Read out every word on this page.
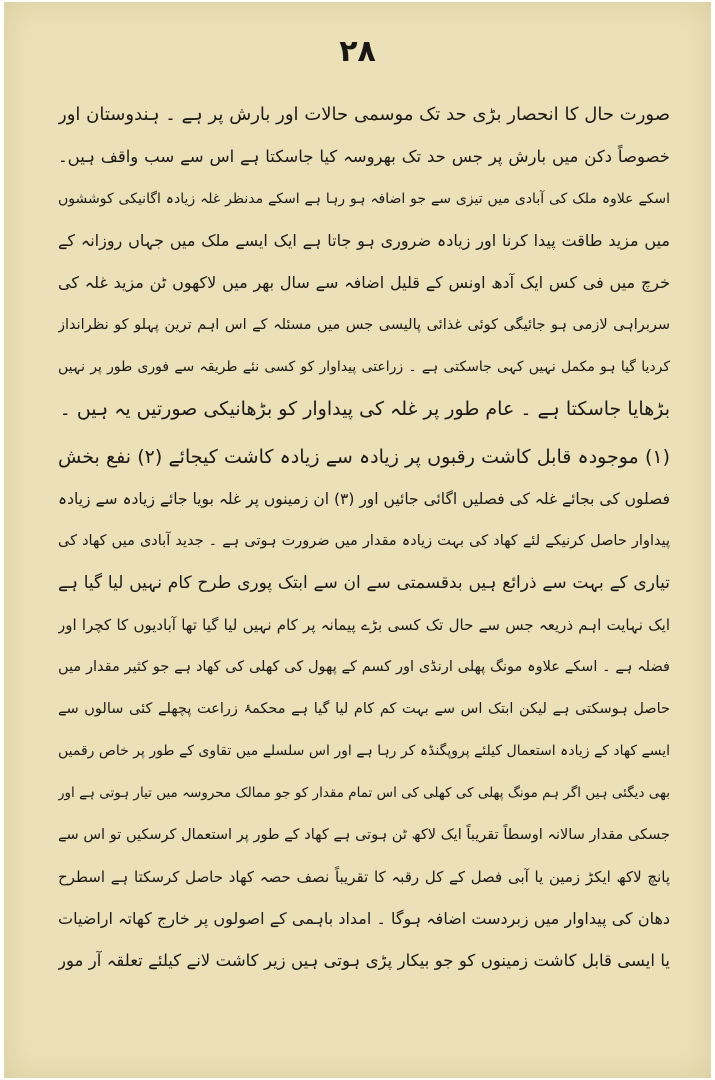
۲۸
صورت حال کا انحصار بڑی حد تک موسمی حالات اور بارش پر ہے ۔ ہندوستان اور
خصوصاً دکن میں بارش پر جس حد تک بھروسہ کیا جاسکتا ہے اس سے سب واقف ہیں۔
اسکے علاوہ ملک کی آبادی میں تیزی سے جو اضافہ ہو رہا ہے اسکے مدنظر غلہ زیادہ اگانیکی کوششوں
میں مزید طاقت پیدا کرنا اور زیادہ ضروری ہو جاتا ہے ایک ایسے ملک میں جہاں روزانہ کے
خرچ میں فی کس ایک آدھ اونس کے قلیل اضافہ سے سال بھر میں لاکھوں ٹن مزید غلہ کی
سربراہی لازمی ہو جائیگی کوئی غذائی پالیسی جس میں مسئلہ کے اس اہم ترین پہلو کو نظرانداز
کردیا گیا ہو مکمل نہیں کہی جاسکتی ہے ۔ زراعتی پیداوار کو کسی نئے طریقہ سے فوری طور پر نہیں
بڑھایا جاسکتا ہے ۔ عام طور پر غلہ کی پیداوار کو بڑھانیکی صورتیں یہ ہیں ۔
(۱) موجودہ قابل کاشت رقبوں پر زیادہ سے زیادہ کاشت کیجائے (۲) نفع بخش
فصلوں کی بجائے غلہ کی فصلیں اگائی جائیں اور (۳) ان زمینوں پر غلہ بویا جائے زیادہ سے زیادہ
پیداوار حاصل کرنیکے لئے کھاد کی بہت زیادہ مقدار میں ضرورت ہوتی ہے ۔ جدید آبادی میں کھاد کی
تیاری کے بہت سے ذرائع ہیں بدقسمتی سے ان سے ابتک پوری طرح کام نہیں لیا گیا ہے
ایک نہایت اہم ذریعہ جس سے حال تک کسی بڑے پیمانہ پر کام نہیں لیا گیا تھا آبادیوں کا کچرا اور
فضلہ ہے ۔ اسکے علاوہ مونگ پھلی ارنڈی اور کسم کے پھول کی کھلی کی کھاد ہے جو کثیر مقدار میں
حاصل ہوسکتی ہے لیکن ابتک اس سے بہت کم کام لیا گیا ہے محکمۂ زراعت پچھلے کئی سالوں سے
ایسے کھاد کے زیادہ استعمال کیلئے پروپگنڈہ کر رہا ہے اور اس سلسلے میں تقاوی کے طور پر خاص رقمیں
بھی دیگئی ہیں اگر ہم مونگ پھلی کی کھلی کی اس تمام مقدار کو جو ممالک محروسہ میں تیار ہوتی ہے اور
جسکی مقدار سالانہ اوسطاً تقریباً ایک لاکھ ٹن ہوتی ہے کھاد کے طور پر استعمال کرسکیں تو اس سے
پانچ لاکھ ایکڑ زمین یا آبی فصل کے کل رقبہ کا تقریباً نصف حصہ کھاد حاصل کرسکتا ہے اسطرح
دھان کی پیداوار میں زبردست اضافہ ہوگا ۔ امداد باہمی کے اصولوں پر خارج کھاتہ اراضیات
یا ایسی قابل کاشت زمینوں کو جو بیکار پڑی ہوتی ہیں زیر کاشت لانے کیلئے تعلقہ آر مور
